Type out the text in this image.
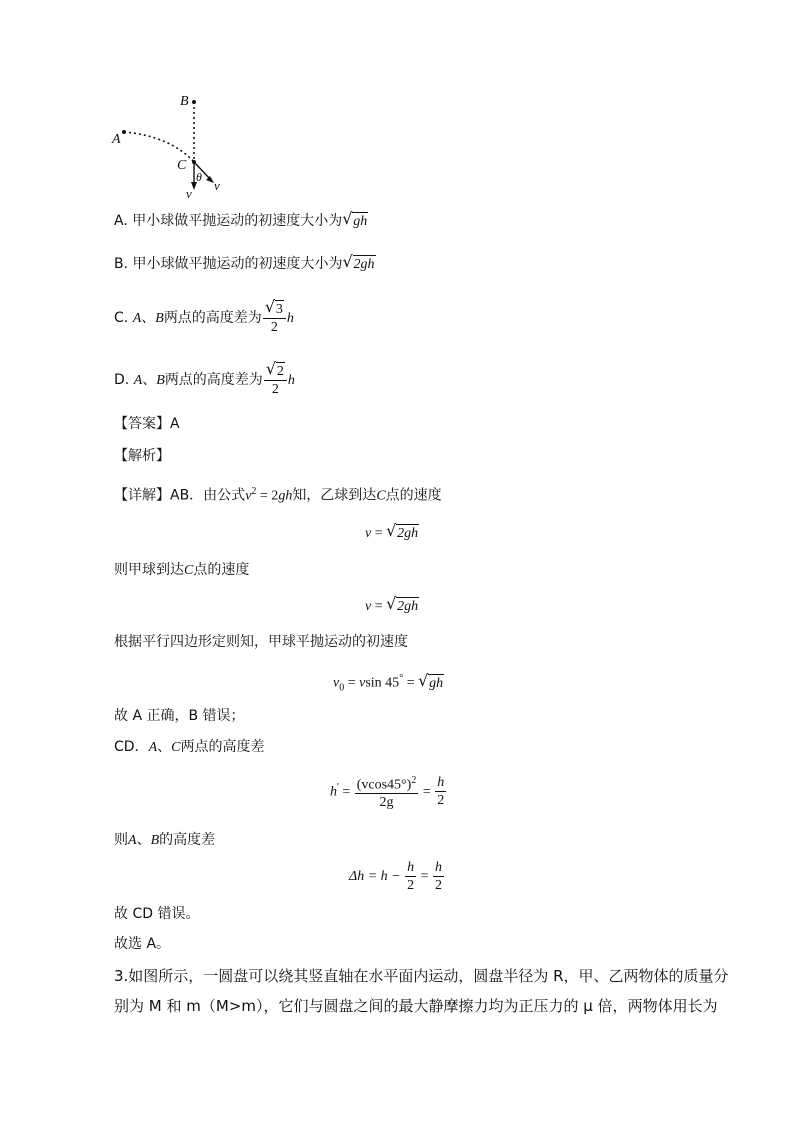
B
A
C
θ
v
v
A. 甲小球做平抛运动的初速度大小为 √ gh
B. 甲小球做平抛运动的初速度大小为 √ 2gh
C. A、B两点的高度差为 $\frac{√ 3}{2}$ h
D. A、B两点的高度差为 $\frac{√ 2}{2}$ h
【答案】A
【解析】
【详解】AB．由公式$v^2 = 2gh$知，乙球到达C点的速度
v = √ 2gh
则甲球到达C点的速度
v = √ 2gh
根据平行四边形定则知，甲球平抛运动的初速度
$v_0 = vsin$ 45° = √ gh
故 A 正确，B 错误；
CD．A、C两点的高度差
$h' = \frac{(vcos45^\circ)^2}{2g} = \frac{h}{2}$
则A、B的高度差
$\Delta h = h - \frac{h}{2} = \frac{h}{2}$
故 CD 错误。
故选 A。
3.如图所示，一圆盘可以绕其竖直轴在水平面内运动，圆盘半径为 R，甲、乙两物体的质量分
别为 M 和 m（M>m），它们与圆盘之间的最大静摩擦力均为正压力的 μ 倍，两物体用长为
